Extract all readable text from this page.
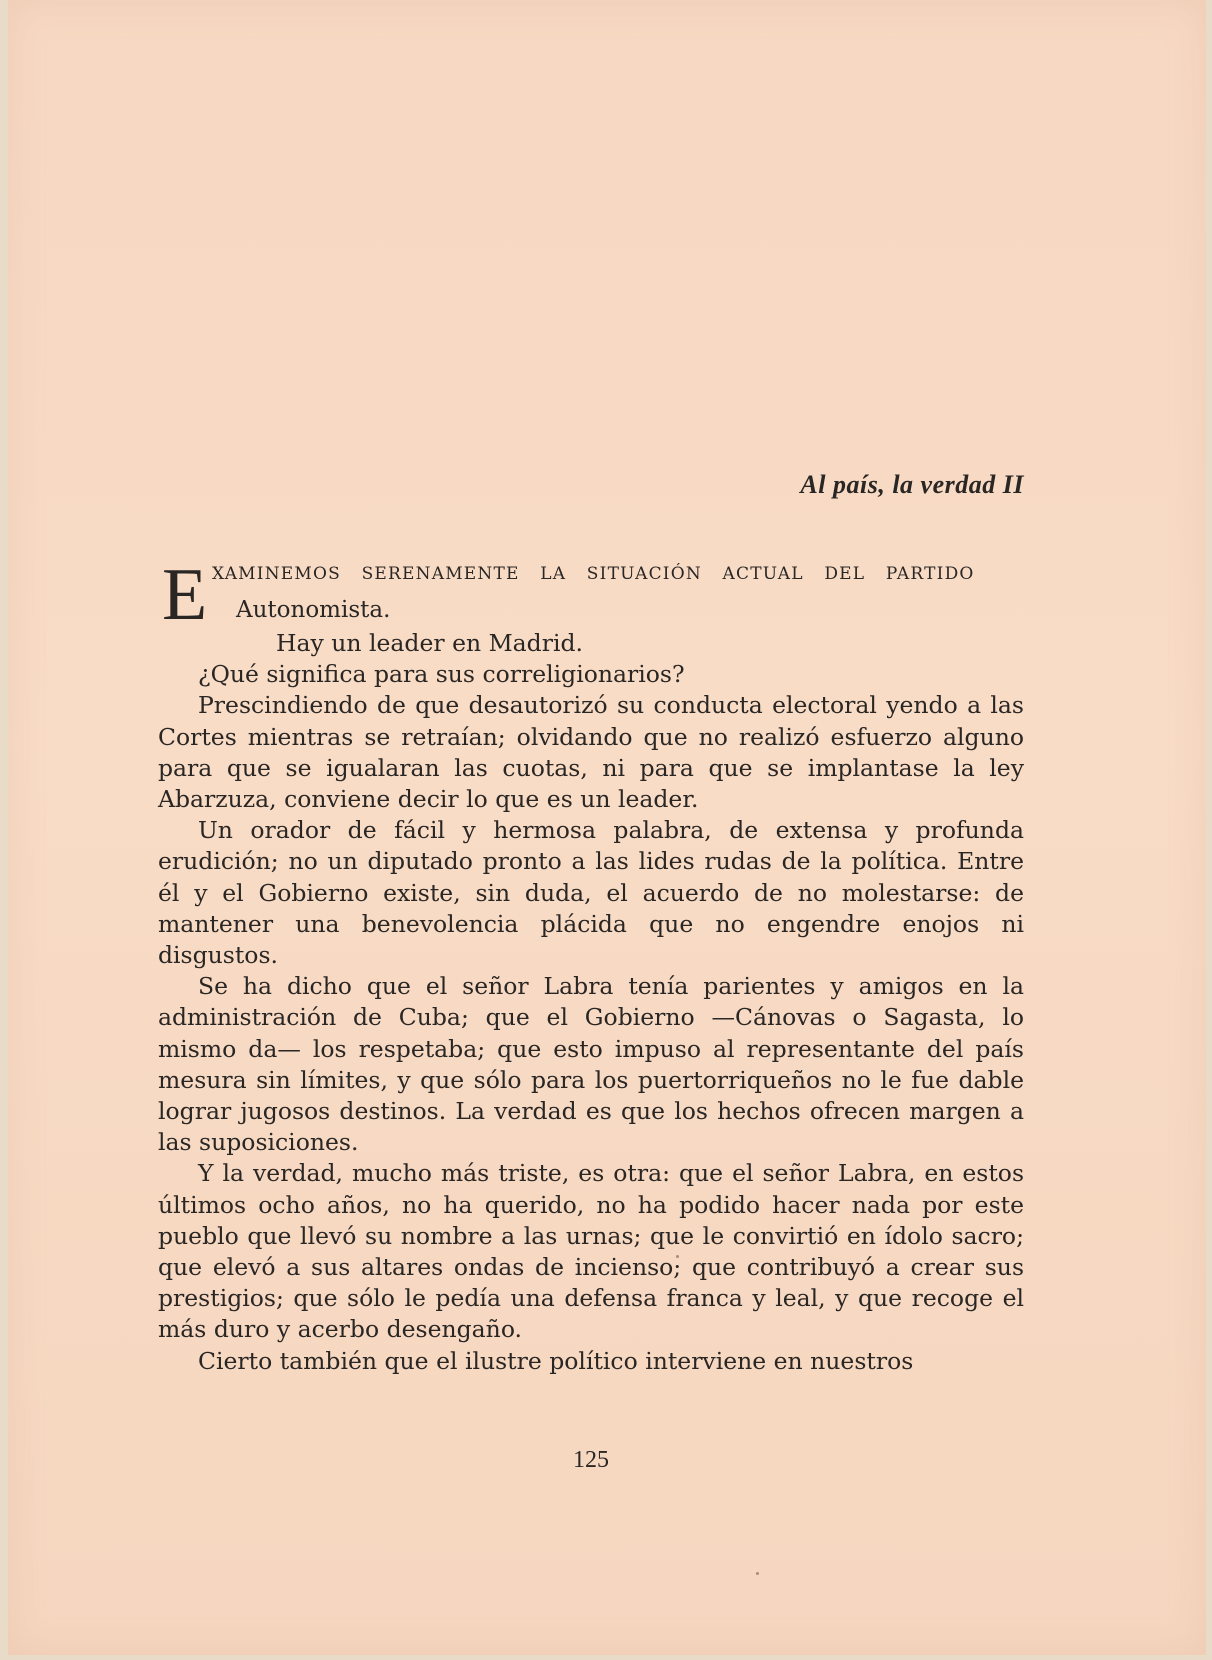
Al país, la verdad II
E XAMINEMOS SERENAMENTE LA SITUACIÓN ACTUAL DEL PARTIDO
Autonomista.

Hay un leader en Madrid.

¿Qué significa para sus correligionarios?

Prescindiendo de que desautorizó su conducta electoral yendo a las Cortes mientras se retraían; olvidando que no realizó esfuerzo alguno para que se igualaran las cuotas, ni para que se implantase la ley Abarzuza, conviene decir lo que es un leader.

Un orador de fácil y hermosa palabra, de extensa y profunda erudición; no un diputado pronto a las lides rudas de la política. Entre él y el Gobierno existe, sin duda, el acuerdo de no molestarse: de mantener una benevolencia plácida que no engendre enojos ni disgustos.

Se ha dicho que el señor Labra tenía parientes y amigos en la administración de Cuba; que el Gobierno —Cánovas o Sagasta, lo mismo da— los respetaba; que esto impuso al representante del país mesura sin límites, y que sólo para los puertorriqueños no le fue dable lograr jugosos destinos. La verdad es que los hechos ofrecen margen a las suposiciones.

Y la verdad, mucho más triste, es otra: que el señor Labra, en estos últimos ocho años, no ha querido, no ha podido hacer nada por este pueblo que llevó su nombre a las urnas; que le convirtió en ídolo sacro; que elevó a sus altares ondas de incienso; que contribuyó a crear sus prestigios; que sólo le pedía una defensa franca y leal, y que recoge el más duro y acerbo desengaño.

Cierto también que el ilustre político interviene en nuestros

125
